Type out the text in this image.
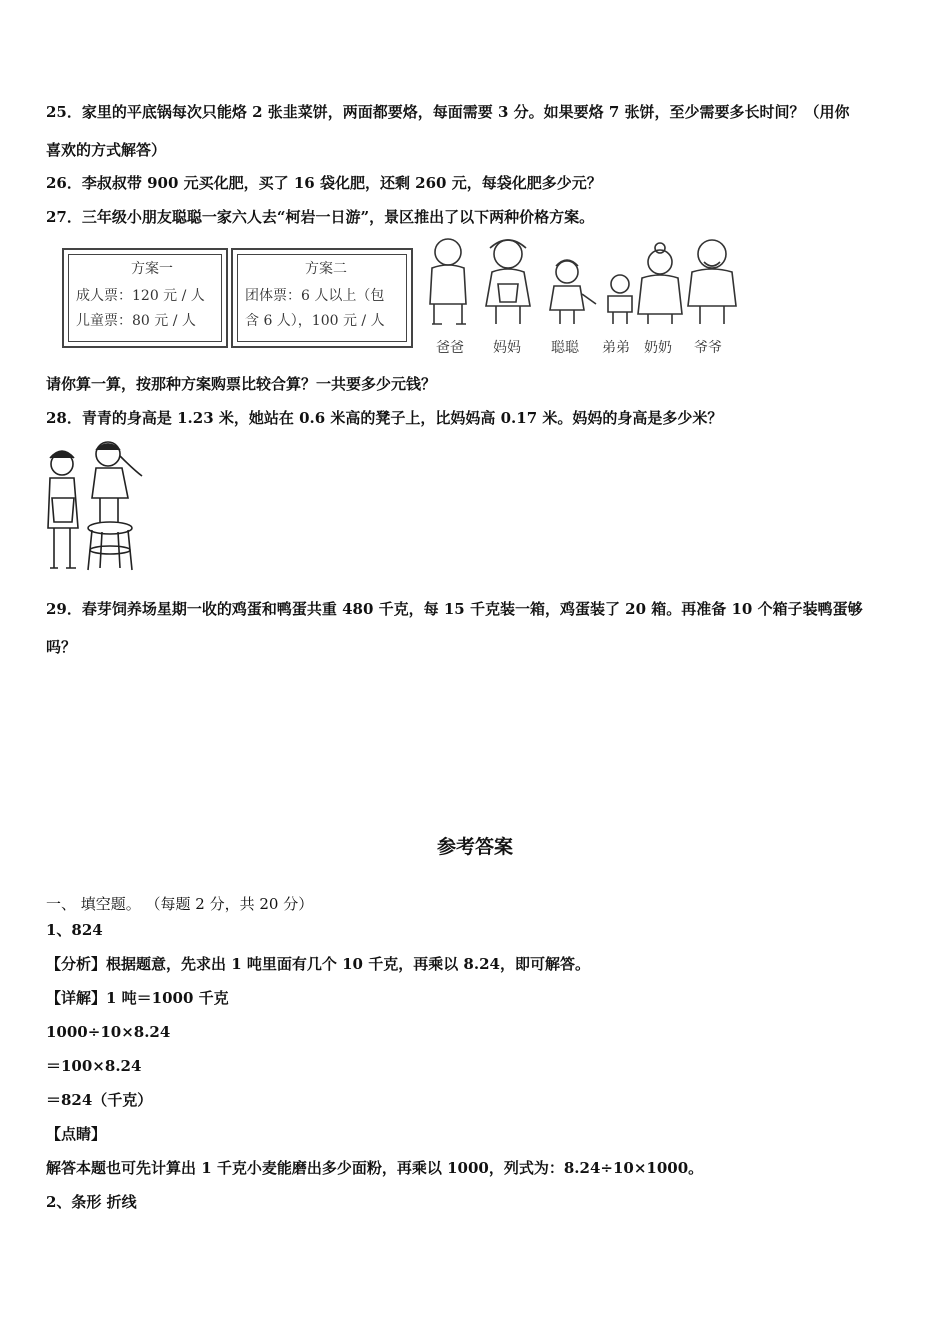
25．家里的平底锅每次只能烙 2 张韭菜饼，两面都要烙，每面需要 3 分。如果要烙 7 张饼，至少需要多长时间？（用你
喜欢的方式解答）
26．李叔叔带 900 元买化肥，买了 16 袋化肥，还剩 260 元，每袋化肥多少元？
27．三年级小朋友聪聪一家六人去“柯岩一日游”，景区推出了以下两种价格方案。
方案一
成人票：120 元 / 人
儿童票：80 元 / 人
方案二
团体票：6 人以上（包
含 6 人），100 元 / 人
爸爸 妈妈 聪聪 弟弟 奶奶 爷爷
请你算一算，按那种方案购票比较合算？一共要多少元钱？
28．青青的身高是 1.23 米，她站在 0.6 米高的凳子上，比妈妈高 0.17 米。妈妈的身高是多少米？
29．春芽饲养场星期一收的鸡蛋和鸭蛋共重 480 千克，每 15 千克装一箱，鸡蛋装了 20 箱。再准备 10 个箱子装鸭蛋够
吗？
参考答案
一、 填空题。 （每题 2 分，共 20 分）
1、824
【分析】根据题意，先求出 1 吨里面有几个 10 千克，再乘以 8.24，即可解答。
【详解】1 吨＝1000 千克
1000÷10×8.24
＝100×8.24
＝824（千克）
【点睛】
解答本题也可先计算出 1 千克小麦能磨出多少面粉，再乘以 1000，列式为：8.24÷10×1000。
2、条形 折线
